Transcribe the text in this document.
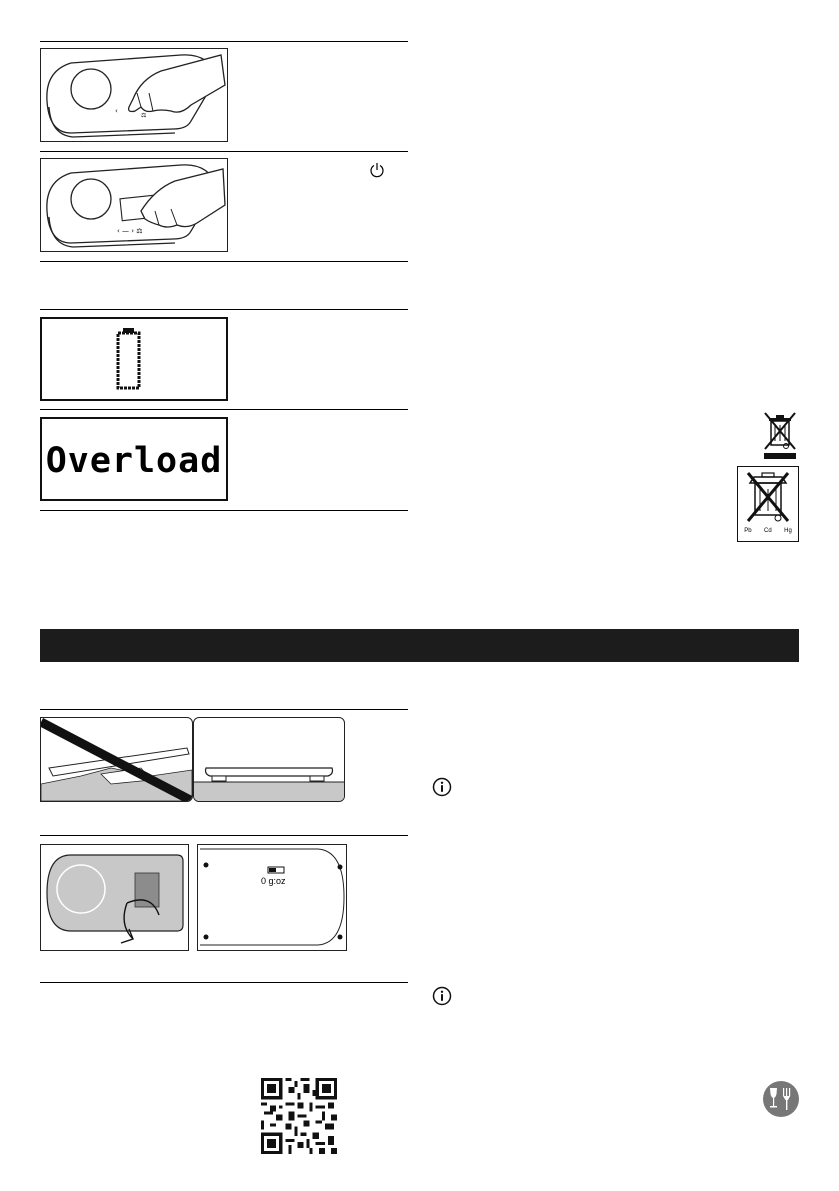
‹
⚖
‹ — › ⚖
Overload
Pb Cd Hg
0 g:oz
